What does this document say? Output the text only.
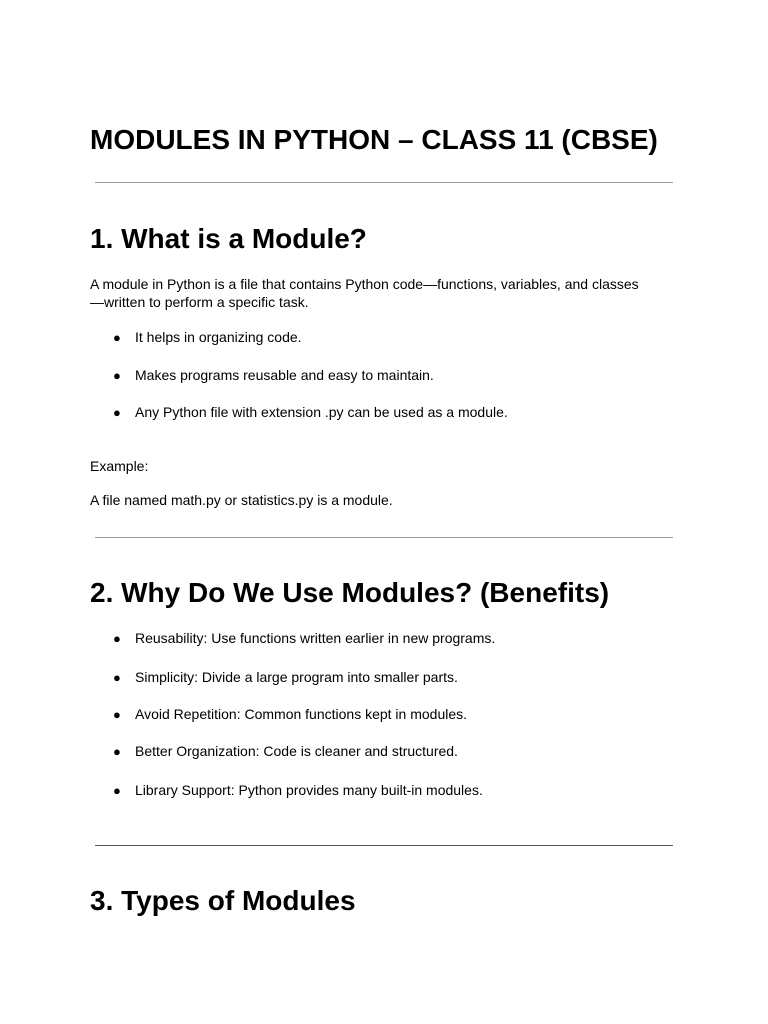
MODULES IN PYTHON – CLASS 11 (CBSE)
1. What is a Module?

A module in Python is a file that contains Python code—functions, variables, and classes—written to perform a specific task.

● It helps in organizing code.
● Makes programs reusable and easy to maintain.
● Any Python file with extension .py can be used as a module.

Example:

A file named math.py or statistics.py is a module.

2. Why Do We Use Modules? (Benefits)
● Reusability: Use functions written earlier in new programs.
● Simplicity: Divide a large program into smaller parts.
● Avoid Repetition: Common functions kept in modules.
● Better Organization: Code is cleaner and structured.
● Library Support: Python provides many built-in modules.
3. Types of Modules
